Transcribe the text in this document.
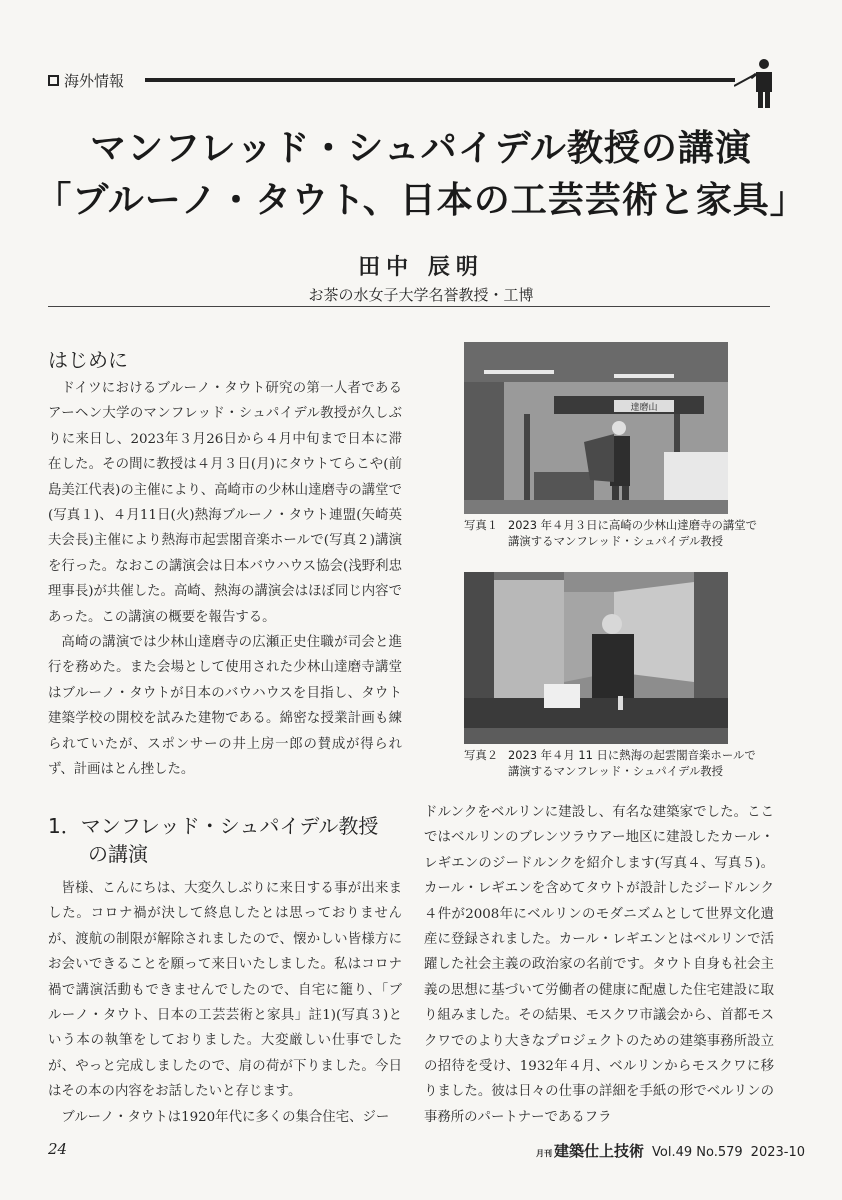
海外情報
マンフレッド・シュパイデル教授の講演
「ブルーノ・タウト、日本の工芸芸術と家具」
田中 辰明
お茶の水女子大学名誉教授・工博
はじめに

ドイツにおけるブルーノ・タウト研究の第一人者であるアーヘン大学のマンフレッド・シュパイデル教授が久しぶりに来日し、2023年３月26日から４月中旬まで日本に滞在した。その間に教授は４月３日(月)にタウトてらこや(前島美江代表)の主催により、高崎市の少林山達磨寺の講堂で(写真１)、４月11日(火)熱海ブルーノ・タウト連盟(矢崎英夫会長)主催により熱海市起雲閣音楽ホールで(写真２)講演を行った。なおこの講演会は日本バウハウス協会(浅野利忠理事長)が共催した。高崎、熱海の講演会はほぼ同じ内容であった。この講演の概要を報告する。

高崎の講演では少林山達磨寺の広瀬正史住職が司会と進行を務めた。また会場として使用された少林山達磨寺講堂はブルーノ・タウトが日本のバウハウスを目指し、タウト建築学校の開校を試みた建物である。綿密な授業計画も練られていたが、スポンサーの井上房一郎の賛成が得られず、計画はとん挫した。

達磨山
写真１ 2023 年４月３日に高崎の少林山達磨寺の講堂で講演するマンフレッド・シュパイデル教授
写真２ 2023 年４月 11 日に熱海の起雲閣音楽ホールで講演するマンフレッド・シュパイデル教授
1．マンフレッド・シュパイデル教授
の講演

皆様、こんにちは、大変久しぶりに来日する事が出来ました。コロナ禍が決して終息したとは思っておりませんが、渡航の制限が解除されましたので、懐かしい皆様方にお会いできることを願って来日いたしました。私はコロナ禍で講演活動もできませんでしたので、自宅に籠り、「ブルーノ・タウト、日本の工芸芸術と家具」註1)(写真３)という本の執筆をしておりました。大変厳しい仕事でしたが、やっと完成しましたので、肩の荷が下りました。今日はその本の内容をお話したいと存じます。

ブルーノ・タウトは1920年代に多くの集合住宅、ジー

ドルンクをベルリンに建設し、有名な建築家でした。ここではベルリンのブレンツラウアー地区に建設したカール・レギエンのジードルンクを紹介します(写真４、写真５)。カール・レギエンを含めてタウトが設計したジードルンク４件が2008年にベルリンのモダニズムとして世界文化遺産に登録されました。カール・レギエンとはベルリンで活躍した社会主義の政治家の名前です。タウト自身も社会主義の思想に基づいて労働者の健康に配慮した住宅建設に取り組みました。その結果、モスクワ市議会から、首都モスクワでのより大きなプロジェクトのための建築事務所設立の招待を受け、1932年４月、ベルリンからモスクワに移りました。彼は日々の仕事の詳細を手紙の形でベルリンの事務所のパートナーであるフラ

24	月刊 建築仕上技術 Vol.49 No.579 2023-10
